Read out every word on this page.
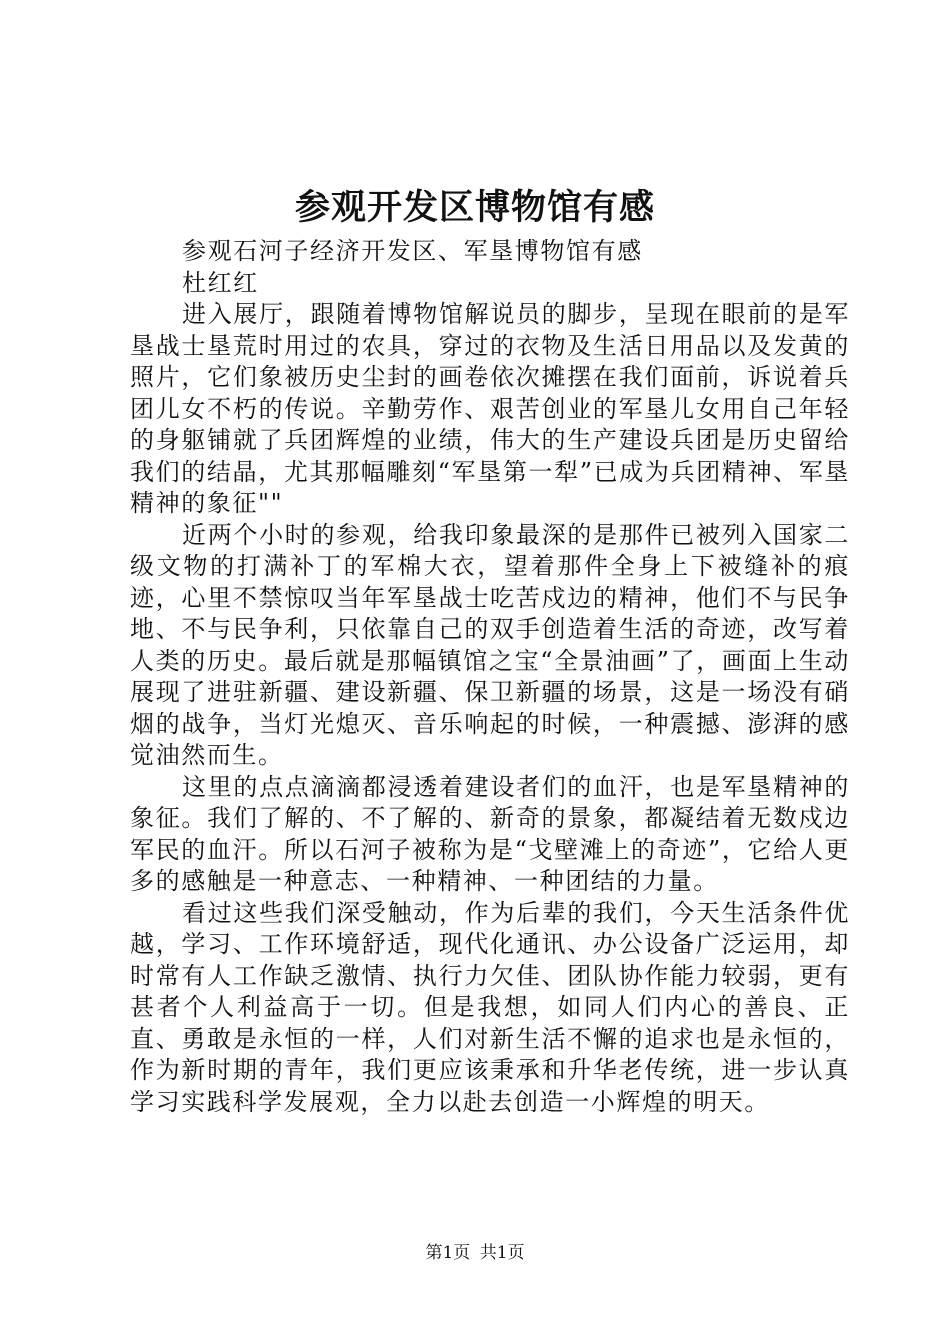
参观开发区博物馆有感

参观石河子经济开发区、军垦博物馆有感

杜红红

进入展厅，跟随着博物馆解说员的脚步，呈现在眼前的是军垦战士垦荒时用过的农具，穿过的衣物及生活日用品以及发黄的照片，它们象被历史尘封的画卷依次摊摆在我们面前，诉说着兵团儿女不朽的传说。辛勤劳作、艰苦创业的军垦儿女用自己年轻的身躯铺就了兵团辉煌的业绩，伟大的生产建设兵团是历史留给我们的结晶，尤其那幅雕刻“军垦第一犁”已成为兵团精神、军垦精神的象征""

近两个小时的参观，给我印象最深的是那件已被列入国家二级文物的打满补丁的军棉大衣，望着那件全身上下被缝补的痕迹，心里不禁惊叹当年军垦战士吃苦戍边的精神，他们不与民争地、不与民争利，只依靠自己的双手创造着生活的奇迹，改写着人类的历史。最后就是那幅镇馆之宝“全景油画”了，画面上生动展现了进驻新疆、建设新疆、保卫新疆的场景，这是一场没有硝烟的战争，当灯光熄灭、音乐响起的时候，一种震撼、澎湃的感觉油然而生。

这里的点点滴滴都浸透着建设者们的血汗，也是军垦精神的象征。我们了解的、不了解的、新奇的景象，都凝结着无数戍边军民的血汗。所以石河子被称为是“戈壁滩上的奇迹”，它给人更多的感触是一种意志、一种精神、一种团结的力量。

看过这些我们深受触动，作为后辈的我们，今天生活条件优越，学习、工作环境舒适，现代化通讯、办公设备广泛运用，却时常有人工作缺乏激情、执行力欠佳、团队协作能力较弱，更有甚者个人利益高于一切。但是我想，如同人们内心的善良、正直、勇敢是永恒的一样，人们对新生活不懈的追求也是永恒的，作为新时期的青年，我们更应该秉承和升华老传统，进一步认真学习实践科学发展观，全力以赴去创造一小辉煌的明天。

第1页 共1页
